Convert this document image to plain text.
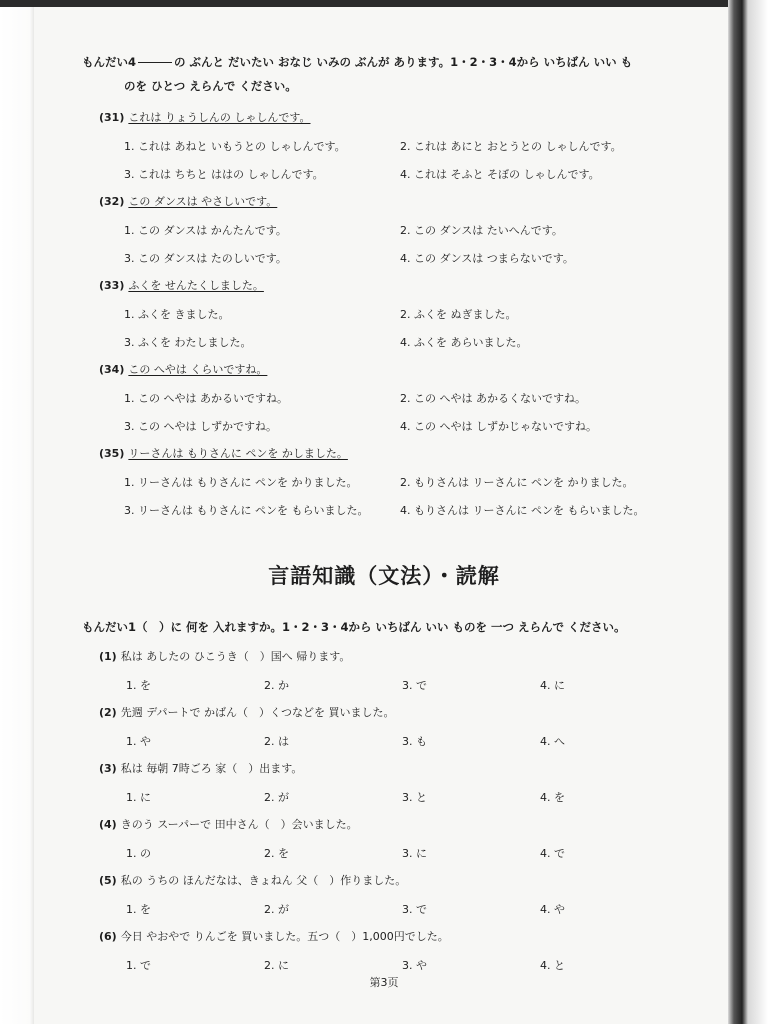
もんだい4	の ぶんと だいたい おなじ いみの ぶんが あります。1・2・3・4から いちばん いい も
のを ひとつ えらんで ください。
(31) これは りょうしんの しゃしんです。
1. これは あねと いもうとの しゃしんです。	2. これは あにと おとうとの しゃしんです。
3. これは ちちと ははの しゃしんです。	4. これは そふと そぼの しゃしんです。
(32) この ダンスは やさしいです。
1. この ダンスは かんたんです。	2. この ダンスは たいへんです。
3. この ダンスは たのしいです。	4. この ダンスは つまらないです。
(33) ふくを せんたくしました。
1. ふくを きました。	2. ふくを ぬぎました。
3. ふくを わたしました。	4. ふくを あらいました。
(34) この へやは くらいですね。
1. この へやは あかるいですね。	2. この へやは あかるくないですね。
3. この へやは しずかですね。	4. この へやは しずかじゃないですね。
(35) リーさんは もりさんに ペンを かしました。
1. リーさんは もりさんに ペンを かりました。	2. もりさんは リーさんに ペンを かりました。
3. リーさんは もりさんに ペンを もらいました。	4. もりさんは リーさんに ペンを もらいました。
言語知識（文法）・読解
もんだい1（　）に 何を 入れますか。1・2・3・4から いちばん いい ものを 一つ えらんで ください。
(1) 私は あしたの ひこうき（　）国へ 帰ります。
1. を	2. か	3. で	4. に
(2) 先週 デパートで かばん（　）くつなどを 買いました。
1. や	2. は	3. も	4. へ
(3) 私は 毎朝 7時ごろ 家（　）出ます。
1. に	2. が	3. と	4. を
(4) きのう スーパーで 田中さん（　）会いました。
1. の	2. を	3. に	4. で
(5) 私の うちの ほんだなは、きょねん 父（　）作りました。
1. を	2. が	3. で	4. や
(6) 今日 やおやで りんごを 買いました。五つ（　）1,000円でした。
1. で	2. に	3. や	4. と
第3页
